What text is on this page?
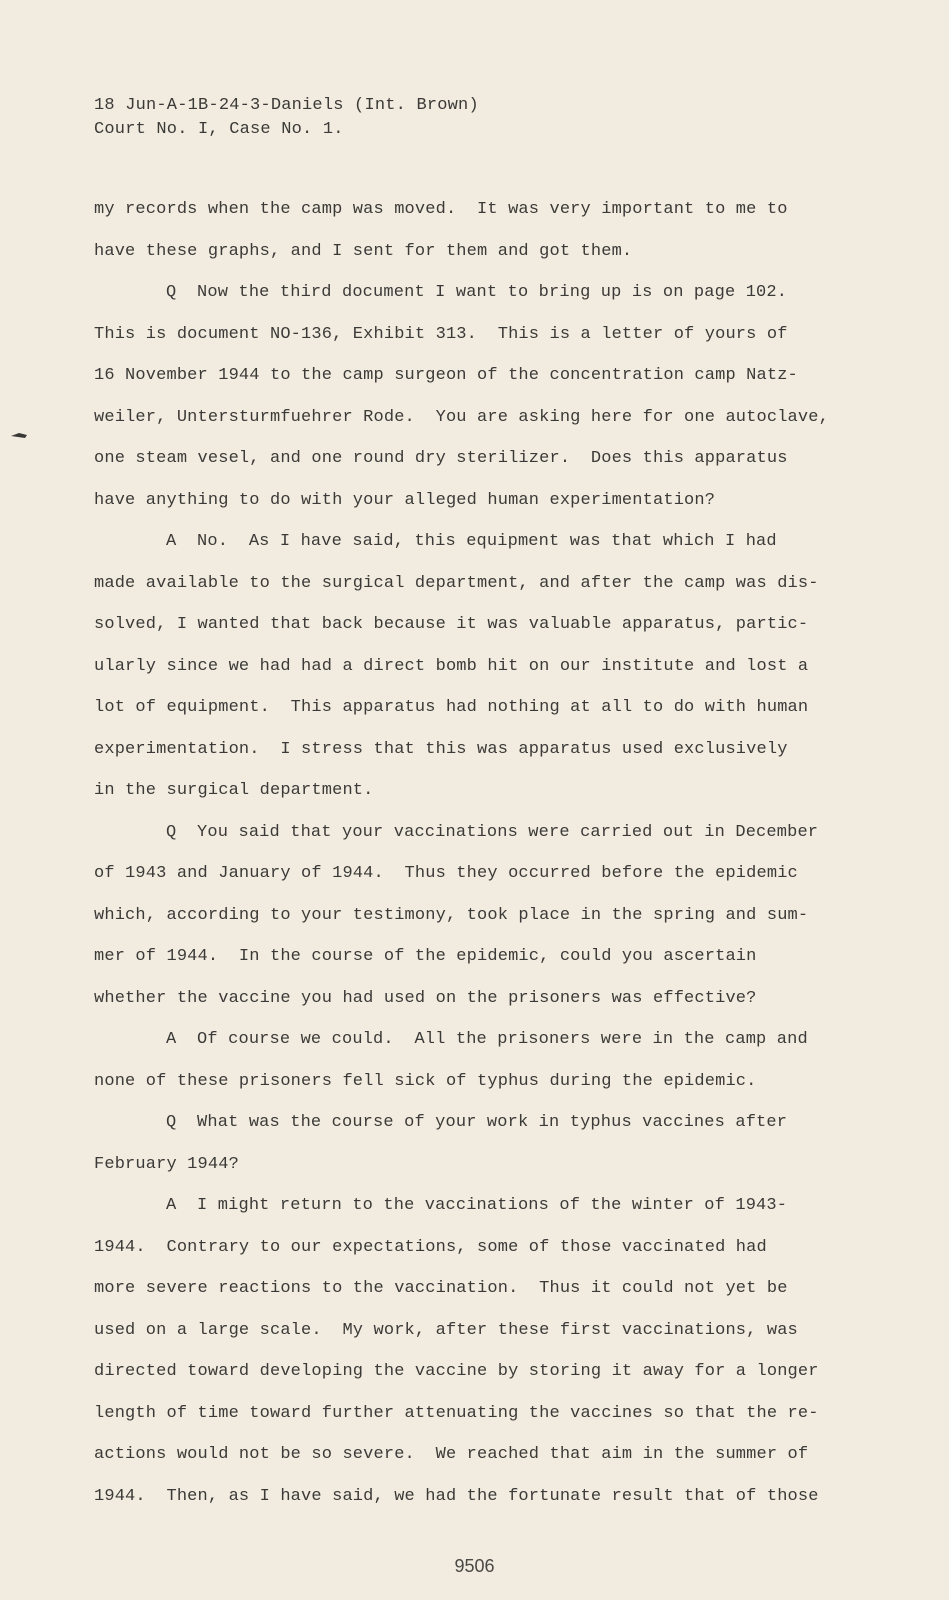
18 Jun-A-1B-24-3-Daniels (Int. Brown)
Court No. I, Case No. 1.
my records when the camp was moved.  It was very important to me to
have these graphs, and I sent for them and got them.
Q  Now the third document I want to bring up is on page 102.
This is document NO-136, Exhibit 313.  This is a letter of yours of
16 November 1944 to the camp surgeon of the concentration camp Natz-
weiler, Untersturmfuehrer Rode.  You are asking here for one autoclave,
one steam vesel, and one round dry sterilizer.  Does this apparatus
have anything to do with your alleged human experimentation?
A  No.  As I have said, this equipment was that which I had
made available to the surgical department, and after the camp was dis-
solved, I wanted that back because it was valuable apparatus, partic-
ularly since we had had a direct bomb hit on our institute and lost a
lot of equipment.  This apparatus had nothing at all to do with human
experimentation.  I stress that this was apparatus used exclusively
in the surgical department.
Q  You said that your vaccinations were carried out in December
of 1943 and January of 1944.  Thus they occurred before the epidemic
which, according to your testimony, took place in the spring and sum-
mer of 1944.  In the course of the epidemic, could you ascertain
whether the vaccine you had used on the prisoners was effective?
A  Of course we could.  All the prisoners were in the camp and
none of these prisoners fell sick of typhus during the epidemic.
Q  What was the course of your work in typhus vaccines after
February 1944?
A  I might return to the vaccinations of the winter of 1943-
1944.  Contrary to our expectations, some of those vaccinated had
more severe reactions to the vaccination.  Thus it could not yet be
used on a large scale.  My work, after these first vaccinations, was
directed toward developing the vaccine by storing it away for a longer
length of time toward further attenuating the vaccines so that the re-
actions would not be so severe.  We reached that aim in the summer of
1944.  Then, as I have said, we had the fortunate result that of those
9506
